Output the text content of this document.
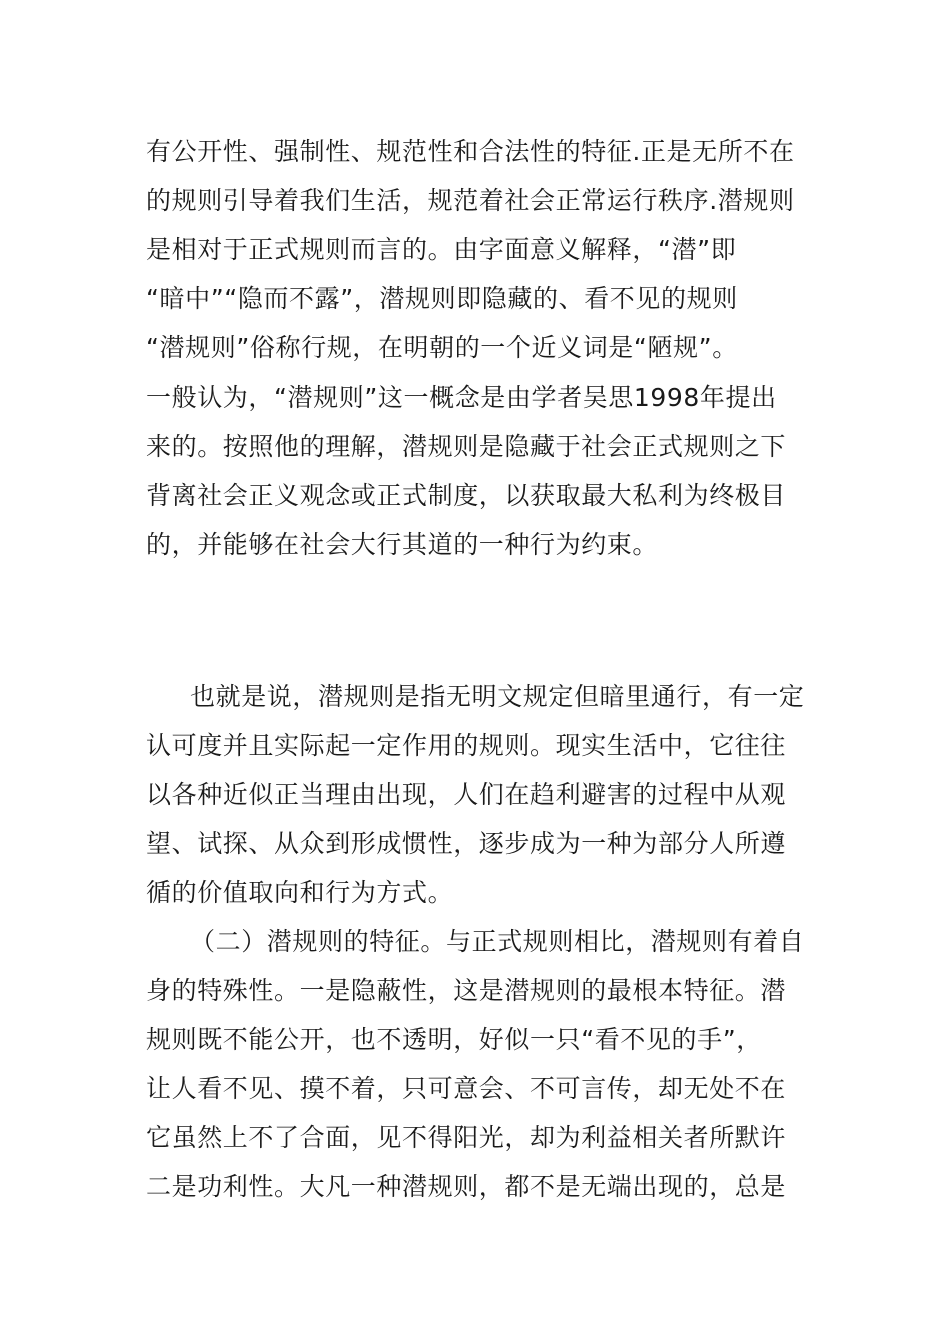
有公开性、强制性、规范性和合法性的特征.正是无所不在
的规则引导着我们生活，规范着社会正常运行秩序.潜规则
是相对于正式规则而言的。由字面意义解释，“潜”即
“暗中”“隐而不露”，潜规则即隐藏的、看不见的规则
“潜规则”俗称行规，在明朝的一个近义词是“陋规”。
一般认为，“潜规则”这一概念是由学者吴思1998年提出
来的。按照他的理解，潜规则是隐藏于社会正式规则之下
背离社会正义观念或正式制度，以获取最大私利为终极目
的，并能够在社会大行其道的一种行为约束。
也就是说，潜规则是指无明文规定但暗里通行，有一定
认可度并且实际起一定作用的规则。现实生活中，它往往
以各种近似正当理由出现，人们在趋利避害的过程中从观
望、试探、从众到形成惯性，逐步成为一种为部分人所遵
循的价值取向和行为方式。
（二）潜规则的特征。与正式规则相比，潜规则有着自
身的特殊性。一是隐蔽性，这是潜规则的最根本特征。潜
规则既不能公开，也不透明，好似一只“看不见的手”，
让人看不见、摸不着，只可意会、不可言传，却无处不在
它虽然上不了合面，见不得阳光，却为利益相关者所默许
二是功利性。大凡一种潜规则，都不是无端出现的，总是
